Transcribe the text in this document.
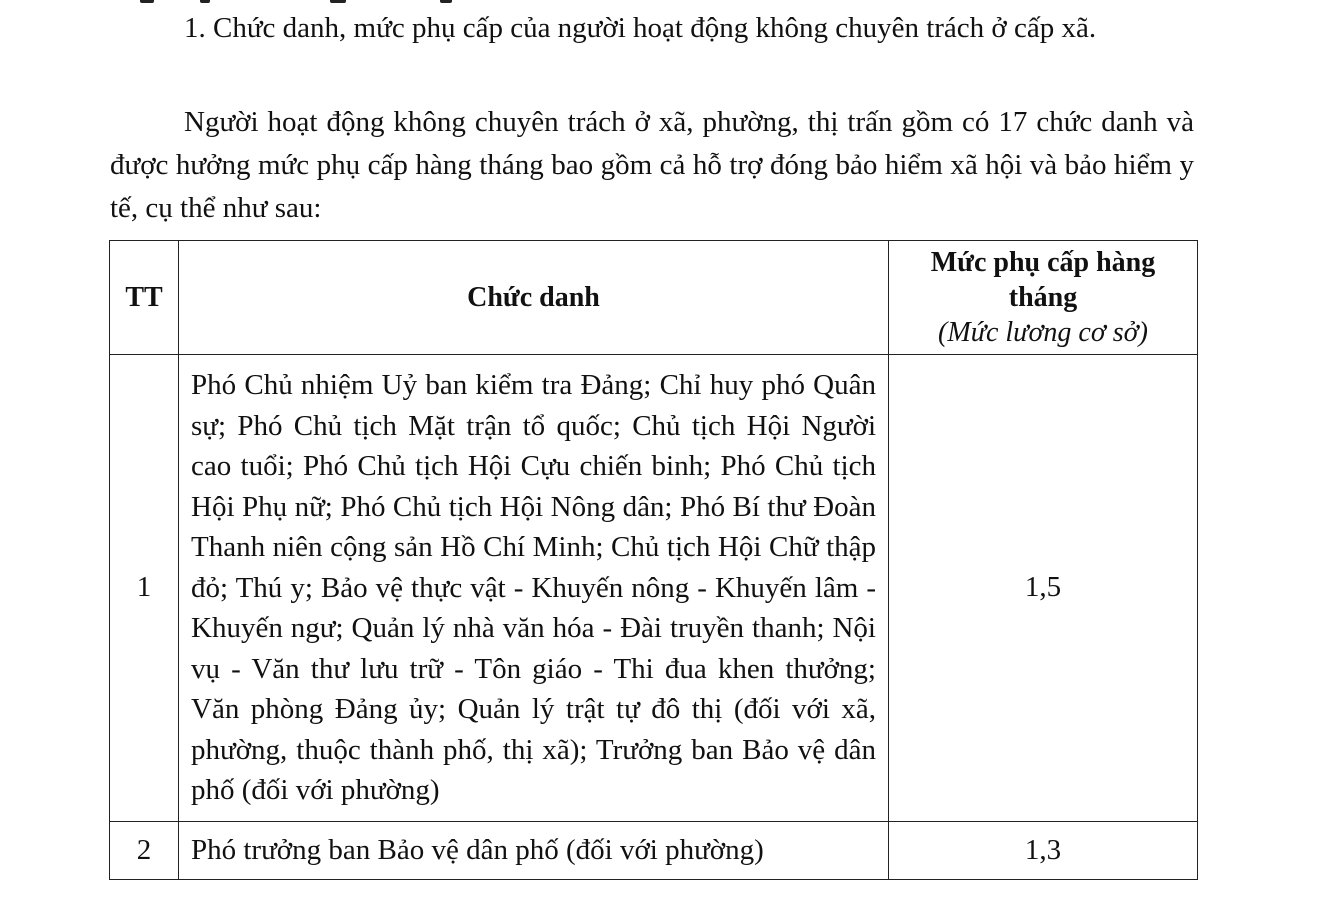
1. Chức danh, mức phụ cấp của người hoạt động không chuyên trách ở cấp xã.

Người hoạt động không chuyên trách ở xã, phường, thị trấn gồm có 17 chức danh và được hưởng mức phụ cấp hàng tháng bao gồm cả hỗ trợ đóng bảo hiểm xã hội và bảo hiểm y tế, cụ thể như sau:

TT	Chức danh	Mức phụ cấp hàng tháng
(Mức lương cơ sở)

1	Phó Chủ nhiệm Uỷ ban kiểm tra Đảng; Chỉ huy phó Quân sự; Phó Chủ tịch Mặt trận tổ quốc; Chủ tịch Hội Người cao tuổi; Phó Chủ tịch Hội Cựu chiến binh; Phó Chủ tịch Hội Phụ nữ; Phó Chủ tịch Hội Nông dân; Phó Bí thư Đoàn Thanh niên cộng sản Hồ Chí Minh; Chủ tịch Hội Chữ thập đỏ; Thú y; Bảo vệ thực vật - Khuyến nông - Khuyến lâm - Khuyến ngư; Quản lý nhà văn hóa - Đài truyền thanh; Nội vụ - Văn thư lưu trữ - Tôn giáo - Thi đua khen thưởng; Văn phòng Đảng ủy; Quản lý trật tự đô thị (đối với xã, phường, thuộc thành phố, thị xã); Trưởng ban Bảo vệ dân phố (đối với phường)	1,5
2	Phó trưởng ban Bảo vệ dân phố (đối với phường)	1,3
